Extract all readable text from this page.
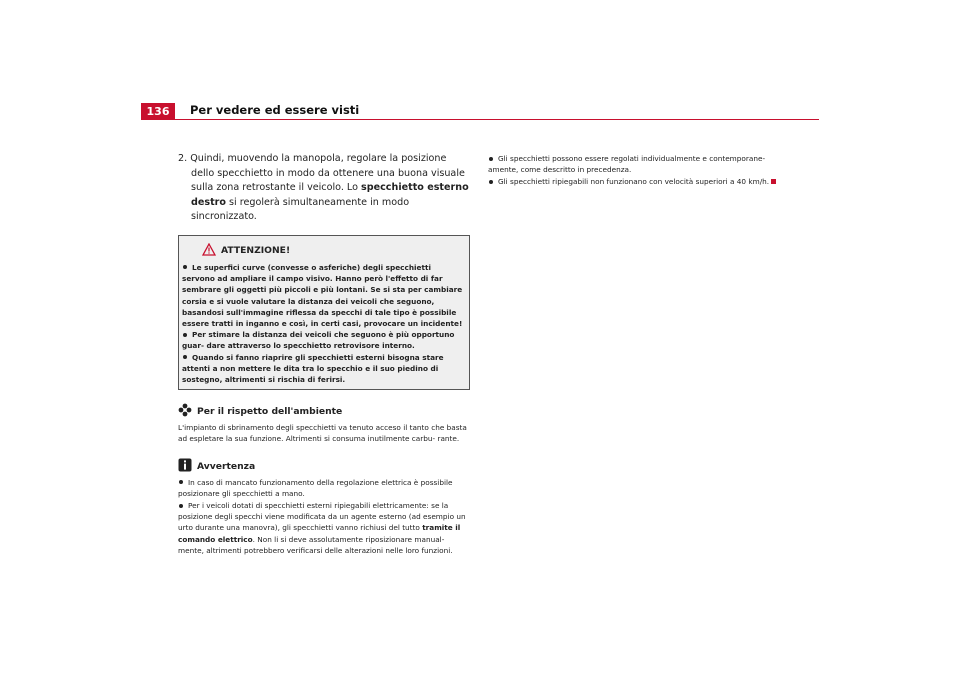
136	Per vedere ed essere visti
2. Quindi, muovendo la manopola, regolare la posizione dello specchietto in modo da ottenere una buona visuale sulla zona retrostante il veicolo. Lo specchietto esterno destro si regolerà simultaneamente in modo sincronizzato.
ATTENZIONE!

Le superfici curve (convesse o asferiche) degli specchietti servono ad ampliare il campo visivo. Hanno però l'effetto di far sembrare gli oggetti più piccoli e più lontani. Se si sta per cambiare corsia e si vuole valutare la distanza dei veicoli che seguono, basandosi sull'immagine riflessa da specchi di tale tipo è possibile essere tratti in inganno e così, in certi casi, provocare un incidente!

Per stimare la distanza dei veicoli che seguono è più opportuno guar- dare attraverso lo specchietto retrovisore interno.

Quando si fanno riaprire gli specchietti esterni bisogna stare attenti a non mettere le dita tra lo specchio e il suo piedino di sostegno, altrimenti si rischia di ferirsi.

Per il rispetto dell'ambiente

L'impianto di sbrinamento degli specchietti va tenuto acceso il tanto che basta ad espletare la sua funzione. Altrimenti si consuma inutilmente carbu- rante.

Avvertenza

In caso di mancato funzionamento della regolazione elettrica è possibile posizionare gli specchietti a mano.

Per i veicoli dotati di specchietti esterni ripiegabili elettricamente: se la posizione degli specchi viene modificata da un agente esterno (ad esempio un urto durante una manovra), gli specchietti vanno richiusi del tutto tramite il comando elettrico. Non li si deve assolutamente riposizionare manual- mente, altrimenti potrebbero verificarsi delle alterazioni nelle loro funzioni.

Gli specchietti possono essere regolati individualmente e contemporane- amente, come descritto in precedenza.

Gli specchietti ripiegabili non funzionano con velocità superiori a 40 km/h.
